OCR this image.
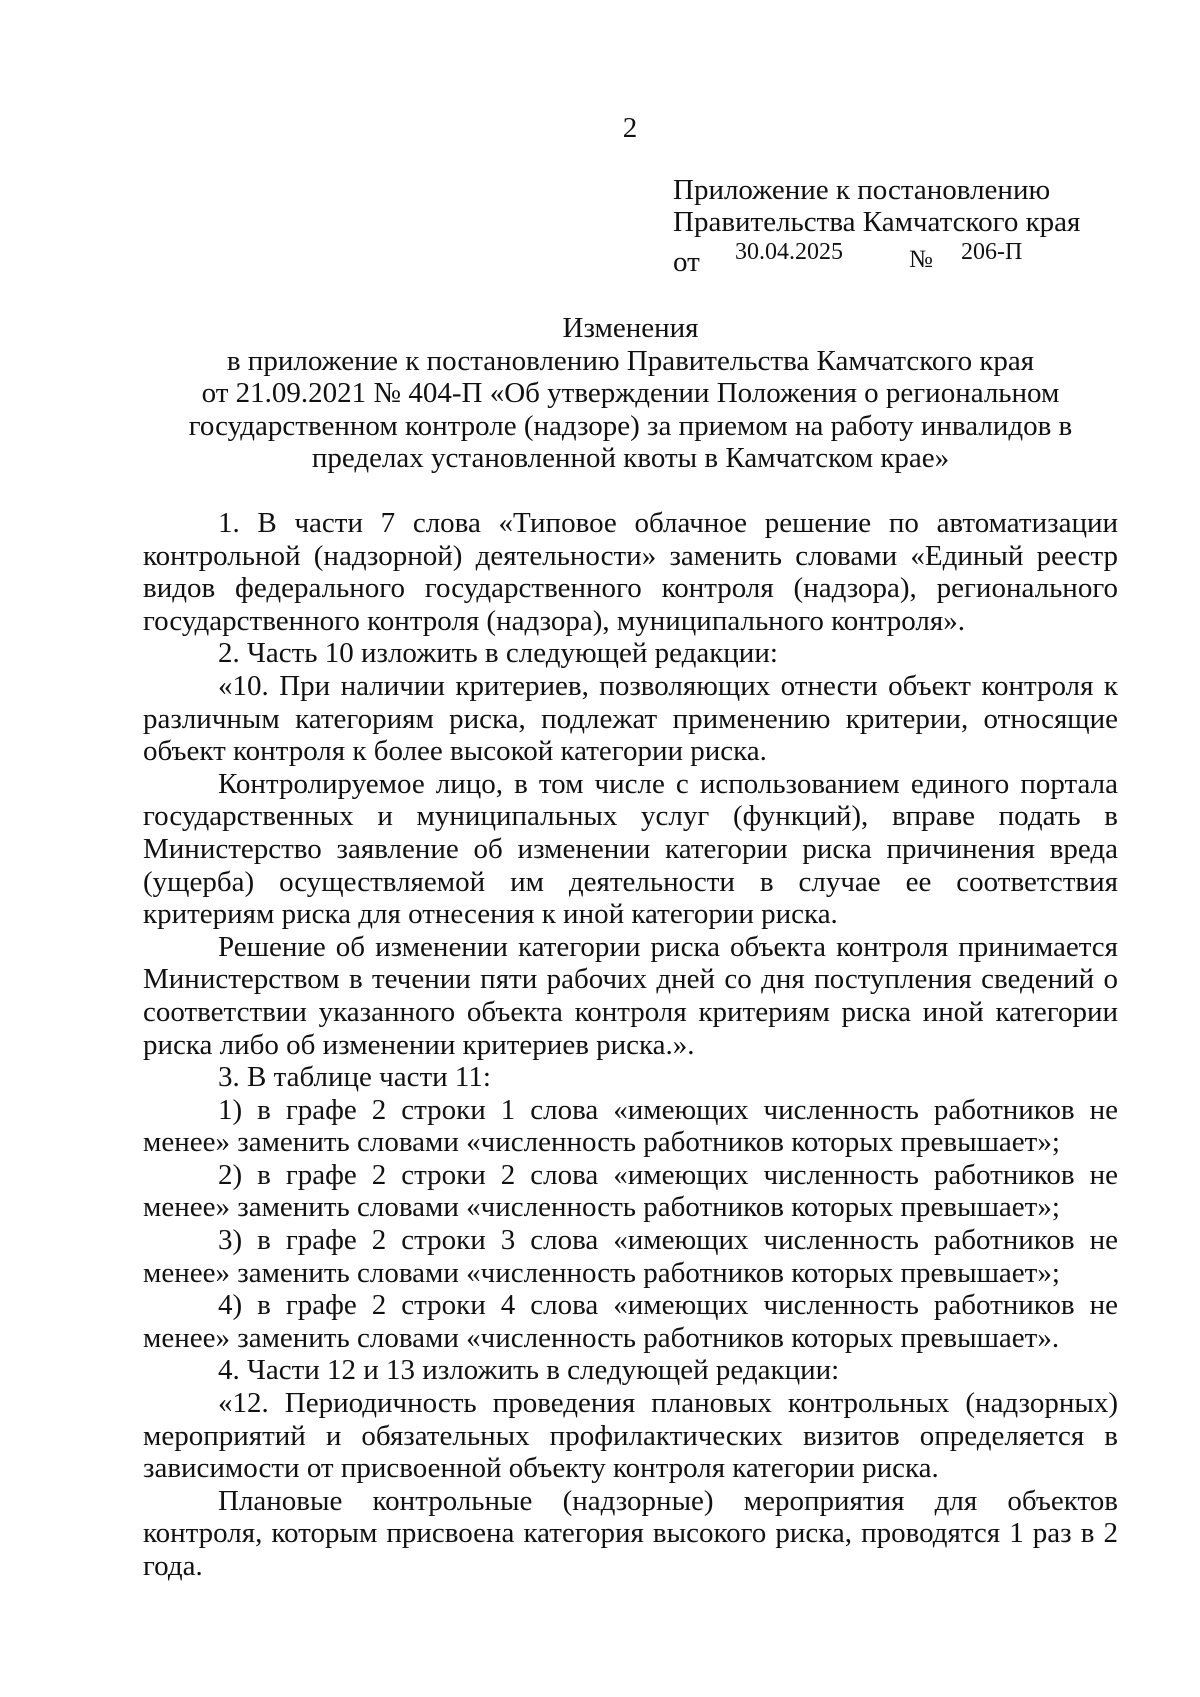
2
Приложение к постановлению
Правительства Камчатского края
от 30.04.2025	№ 206-П
Изменения
в приложение к постановлению Правительства Камчатского края
от 21.09.2021 № 404-П «Об утверждении Положения о региональном
государственном контроле (надзоре) за приемом на работу инвалидов в
пределах установленной квоты в Камчатском крае»

1. В части 7 слова «Типовое облачное решение по автоматизации контрольной (надзорной) деятельности» заменить словами «Единый реестр видов федерального государственного контроля (надзора), регионального государственного контроля (надзора), муниципального контроля».

2. Часть 10 изложить в следующей редакции:

«10. При наличии критериев, позволяющих отнести объект контроля к различным категориям риска, подлежат применению критерии, относящие объект контроля к более высокой категории риска.

Контролируемое лицо, в том числе с использованием единого портала государственных и муниципальных услуг (функций), вправе подать в Министерство заявление об изменении категории риска причинения вреда (ущерба) осуществляемой им деятельности в случае ее соответствия критериям риска для отнесения к иной категории риска.

Решение об изменении категории риска объекта контроля принимается Министерством в течении пяти рабочих дней со дня поступления сведений о соответствии указанного объекта контроля критериям риска иной категории риска либо об изменении критериев риска.».

3. В таблице части 11:

1) в графе 2 строки 1 слова «имеющих численность работников не менее» заменить словами «численность работников которых превышает»;

2) в графе 2 строки 2 слова «имеющих численность работников не менее» заменить словами «численность работников которых превышает»;

3) в графе 2 строки 3 слова «имеющих численность работников не менее» заменить словами «численность работников которых превышает»;

4) в графе 2 строки 4 слова «имеющих численность работников не менее» заменить словами «численность работников которых превышает».

4. Части 12 и 13 изложить в следующей редакции:

«12. Периодичность проведения плановых контрольных (надзорных) мероприятий и обязательных профилактических визитов определяется в зависимости от присвоенной объекту контроля категории риска.

Плановые контрольные (надзорные) мероприятия для объектов контроля, которым присвоена категория высокого риска, проводятся 1 раз в 2 года.
